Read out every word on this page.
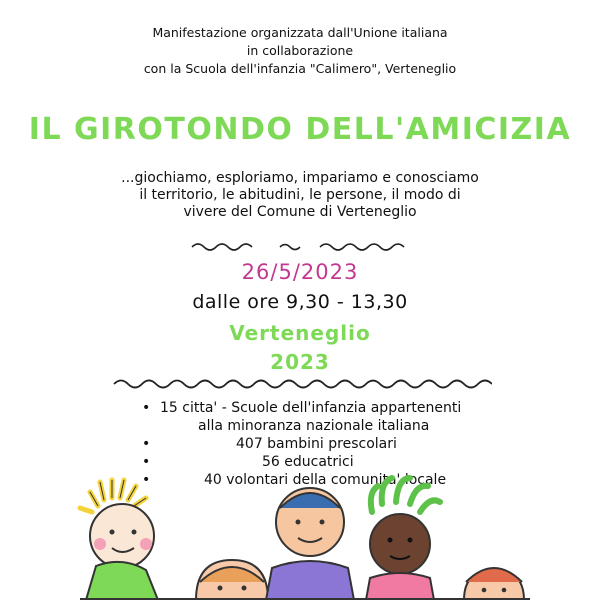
Manifestazione organizzata dall'Unione italiana
in collaborazione
con la Scuola dell'infanzia "Calimero", Verteneglio
IL GIROTONDO DELL'AMICIZIA
...giochiamo, esploriamo, impariamo e conosciamo
il territorio, le abitudini, le persone, il modo di
vivere del Comune di Verteneglio
26/5/2023
dalle ore 9,30 - 13,30
Verteneglio
2023
• 15 citta' - Scuole dell'infanzia appartenenti
alla minoranza nazionale italiana
•	407 bambini prescolari
•	56 educatrici
•	40 volontari della comunita' locale
